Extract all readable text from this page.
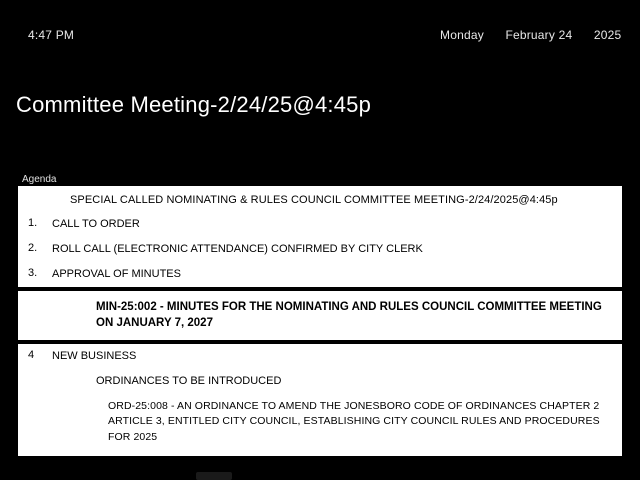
4:47 PM	Monday February 24 2025
Committee Meeting-2/24/25@4:45p
Agenda
SPECIAL CALLED NOMINATING & RULES COUNCIL COMMITTEE MEETING-2/24/2025@4:45p
1.	CALL TO ORDER
2.	ROLL CALL (ELECTRONIC ATTENDANCE) CONFIRMED BY CITY CLERK
3.	APPROVAL OF MINUTES
MIN-25:002 - MINUTES FOR THE NOMINATING AND RULES COUNCIL COMMITTEE MEETING ON JANUARY 7, 2027
4	NEW BUSINESS
ORDINANCES TO BE INTRODUCED
ORD-25:008 - AN ORDINANCE TO AMEND THE JONESBORO CODE OF ORDINANCES CHAPTER 2 ARTICLE 3, ENTITLED CITY COUNCIL, ESTABLISHING CITY COUNCIL RULES AND PROCEDURES FOR 2025
